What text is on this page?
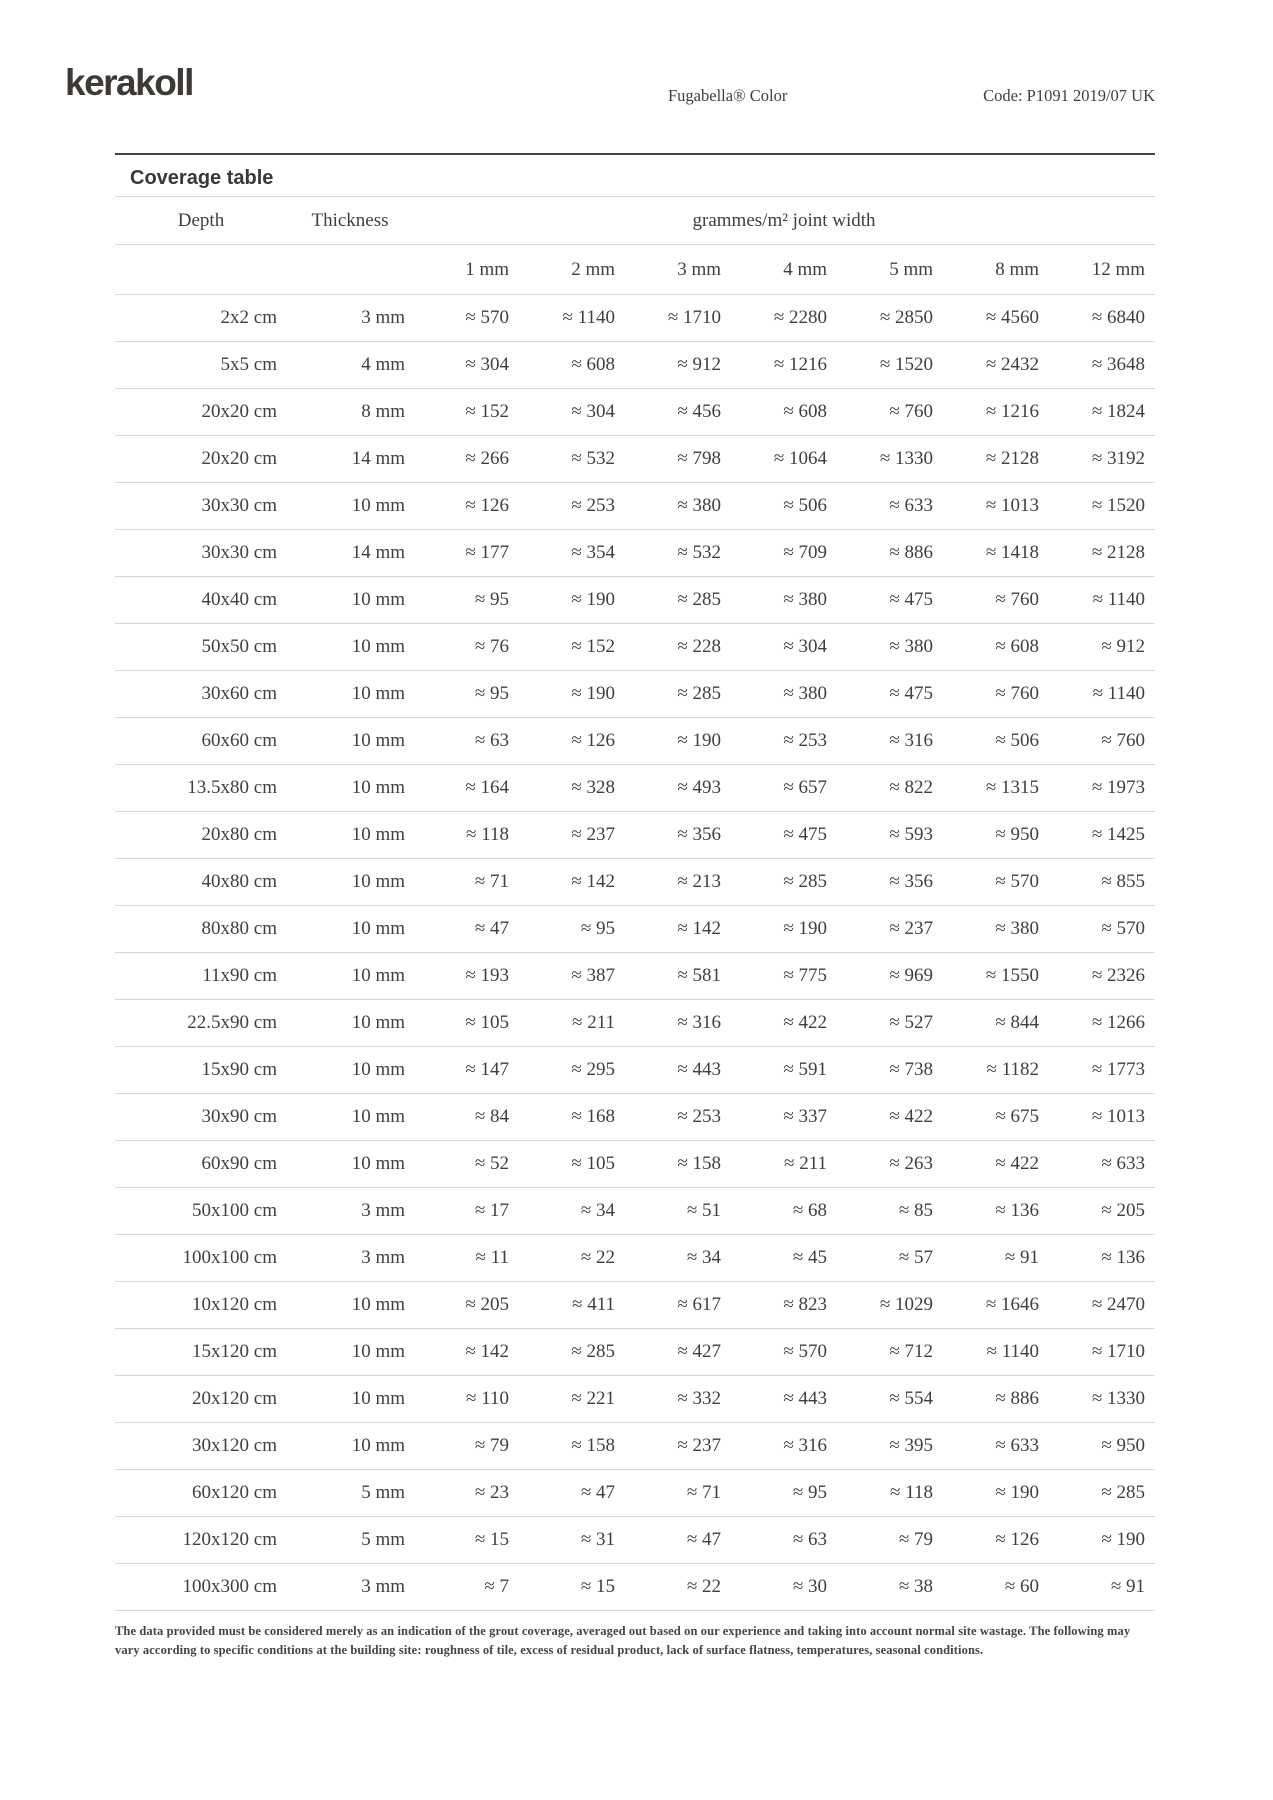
kerakoll	Fugabella® Color	Code: P1091 2019/07 UK
Coverage table
Depth	Thickness	grammes/m² joint width						
		1 mm	2 mm	3 mm	4 mm	5 mm	8 mm	12 mm
2x2 cm	3 mm	≈ 570	≈ 1140	≈ 1710	≈ 2280	≈ 2850	≈ 4560	≈ 6840
5x5 cm	4 mm	≈ 304	≈ 608	≈ 912	≈ 1216	≈ 1520	≈ 2432	≈ 3648
20x20 cm	8 mm	≈ 152	≈ 304	≈ 456	≈ 608	≈ 760	≈ 1216	≈ 1824
20x20 cm	14 mm	≈ 266	≈ 532	≈ 798	≈ 1064	≈ 1330	≈ 2128	≈ 3192
30x30 cm	10 mm	≈ 126	≈ 253	≈ 380	≈ 506	≈ 633	≈ 1013	≈ 1520
30x30 cm	14 mm	≈ 177	≈ 354	≈ 532	≈ 709	≈ 886	≈ 1418	≈ 2128
40x40 cm	10 mm	≈ 95	≈ 190	≈ 285	≈ 380	≈ 475	≈ 760	≈ 1140
50x50 cm	10 mm	≈ 76	≈ 152	≈ 228	≈ 304	≈ 380	≈ 608	≈ 912
30x60 cm	10 mm	≈ 95	≈ 190	≈ 285	≈ 380	≈ 475	≈ 760	≈ 1140
60x60 cm	10 mm	≈ 63	≈ 126	≈ 190	≈ 253	≈ 316	≈ 506	≈ 760
13.5x80 cm	10 mm	≈ 164	≈ 328	≈ 493	≈ 657	≈ 822	≈ 1315	≈ 1973
20x80 cm	10 mm	≈ 118	≈ 237	≈ 356	≈ 475	≈ 593	≈ 950	≈ 1425
40x80 cm	10 mm	≈ 71	≈ 142	≈ 213	≈ 285	≈ 356	≈ 570	≈ 855
80x80 cm	10 mm	≈ 47	≈ 95	≈ 142	≈ 190	≈ 237	≈ 380	≈ 570
11x90 cm	10 mm	≈ 193	≈ 387	≈ 581	≈ 775	≈ 969	≈ 1550	≈ 2326
22.5x90 cm	10 mm	≈ 105	≈ 211	≈ 316	≈ 422	≈ 527	≈ 844	≈ 1266
15x90 cm	10 mm	≈ 147	≈ 295	≈ 443	≈ 591	≈ 738	≈ 1182	≈ 1773
30x90 cm	10 mm	≈ 84	≈ 168	≈ 253	≈ 337	≈ 422	≈ 675	≈ 1013
60x90 cm	10 mm	≈ 52	≈ 105	≈ 158	≈ 211	≈ 263	≈ 422	≈ 633
50x100 cm	3 mm	≈ 17	≈ 34	≈ 51	≈ 68	≈ 85	≈ 136	≈ 205
100x100 cm	3 mm	≈ 11	≈ 22	≈ 34	≈ 45	≈ 57	≈ 91	≈ 136
10x120 cm	10 mm	≈ 205	≈ 411	≈ 617	≈ 823	≈ 1029	≈ 1646	≈ 2470
15x120 cm	10 mm	≈ 142	≈ 285	≈ 427	≈ 570	≈ 712	≈ 1140	≈ 1710
20x120 cm	10 mm	≈ 110	≈ 221	≈ 332	≈ 443	≈ 554	≈ 886	≈ 1330
30x120 cm	10 mm	≈ 79	≈ 158	≈ 237	≈ 316	≈ 395	≈ 633	≈ 950
60x120 cm	5 mm	≈ 23	≈ 47	≈ 71	≈ 95	≈ 118	≈ 190	≈ 285
120x120 cm	5 mm	≈ 15	≈ 31	≈ 47	≈ 63	≈ 79	≈ 126	≈ 190
100x300 cm	3 mm	≈ 7	≈ 15	≈ 22	≈ 30	≈ 38	≈ 60	≈ 91
The data provided must be considered merely as an indication of the grout coverage, averaged out based on our experience and taking into account normal site wastage. The following may vary according to specific conditions at the building site: roughness of tile, excess of residual product, lack of surface flatness, temperatures, seasonal conditions.
